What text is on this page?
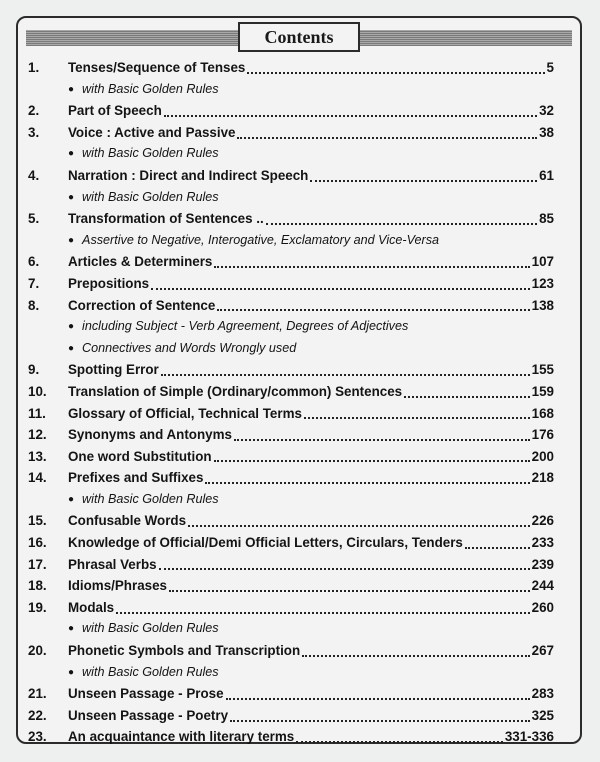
Contents
1.	Tenses/Sequence of Tenses	5
● with Basic Golden Rules
2.	Part of Speech	32
3.	Voice : Active and Passive	38
● with Basic Golden Rules
4.	Narration : Direct and Indirect Speech	61
● with Basic Golden Rules
5.	Transformation of Sentences ..	85
● Assertive to Negative, Interogative, Exclamatory and Vice-Versa
6.	Articles & Determiners	107
7.	Prepositions	123
8.	Correction of Sentence	138
● including Subject - Verb Agreement, Degrees of Adjectives
● Connectives and Words Wrongly used
9.	Spotting Error	155
10.	Translation of Simple (Ordinary/common) Sentences	159
11.	Glossary of Official, Technical Terms	168
12.	Synonyms and Antonyms	176
13.	One word Substitution	200
14.	Prefixes and Suffixes	218
● with Basic Golden Rules
15.	Confusable Words	226
16.	Knowledge of Official/Demi Official Letters, Circulars, Tenders	233
17.	Phrasal Verbs	239
18.	Idioms/Phrases	244
19.	Modals	260
● with Basic Golden Rules
20.	Phonetic Symbols and Transcription	267
● with Basic Golden Rules
21.	Unseen Passage - Prose	283
22.	Unseen Passage - Poetry	325
23.	An acquaintance with literary terms	331-336
